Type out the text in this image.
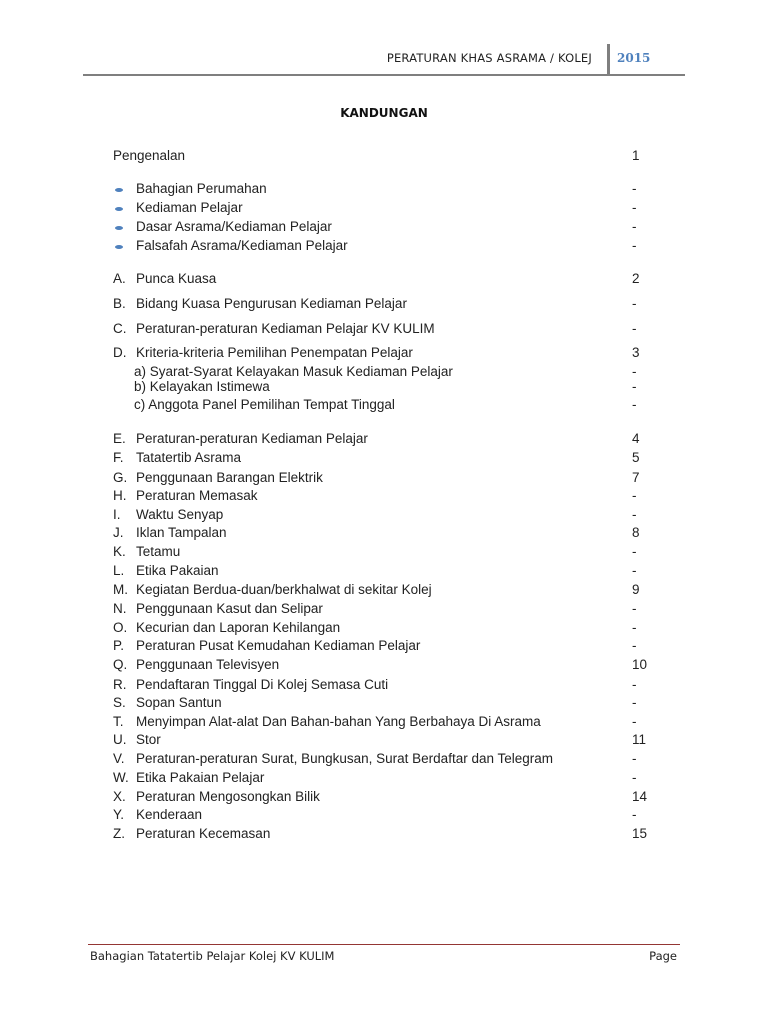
PERATURAN KHAS ASRAMA / KOLEJ 2015
KANDUNGAN
Pengenalan	1
Bahagian Perumahan	-
Kediaman Pelajar	-
Dasar Asrama/Kediaman Pelajar	-
Falsafah Asrama/Kediaman Pelajar	-
A. Punca Kuasa	2
B. Bidang Kuasa Pengurusan Kediaman Pelajar	-
C. Peraturan-peraturan Kediaman Pelajar KV KULIM	-
D. Kriteria-kriteria Pemilihan Penempatan Pelajar	3
a) Syarat-Syarat Kelayakan Masuk Kediaman Pelajar	-
b) Kelayakan Istimewa	-
c) Anggota Panel Pemilihan Tempat Tinggal	-
E. Peraturan-peraturan Kediaman Pelajar	4
F. Tatatertib Asrama	5
G. Penggunaan Barangan Elektrik	7
H. Peraturan Memasak	-
I.	Waktu Senyap	-
J. Iklan Tampalan	8
K. Tetamu	-
L. Etika Pakaian	-
M. Kegiatan Berdua-duan/berkhalwat di sekitar Kolej	9
N. Penggunaan Kasut dan Selipar	-
O. Kecurian dan Laporan Kehilangan	-
P. Peraturan Pusat Kemudahan Kediaman Pelajar	-
Q. Penggunaan Televisyen	10
R. Pendaftaran Tinggal Di Kolej Semasa Cuti	-
S. Sopan Santun	-
T. Menyimpan Alat-alat Dan Bahan-bahan Yang Berbahaya Di Asrama	-
U. Stor	11
V. Peraturan-peraturan Surat, Bungkusan, Surat Berdaftar dan Telegram	-
W. Etika Pakaian Pelajar	-
X. Peraturan Mengosongkan Bilik	14
Y. Kenderaan	-
Z. Peraturan Kecemasan	15
Bahagian Tatatertib Pelajar Kolej KV KULIM	Page
